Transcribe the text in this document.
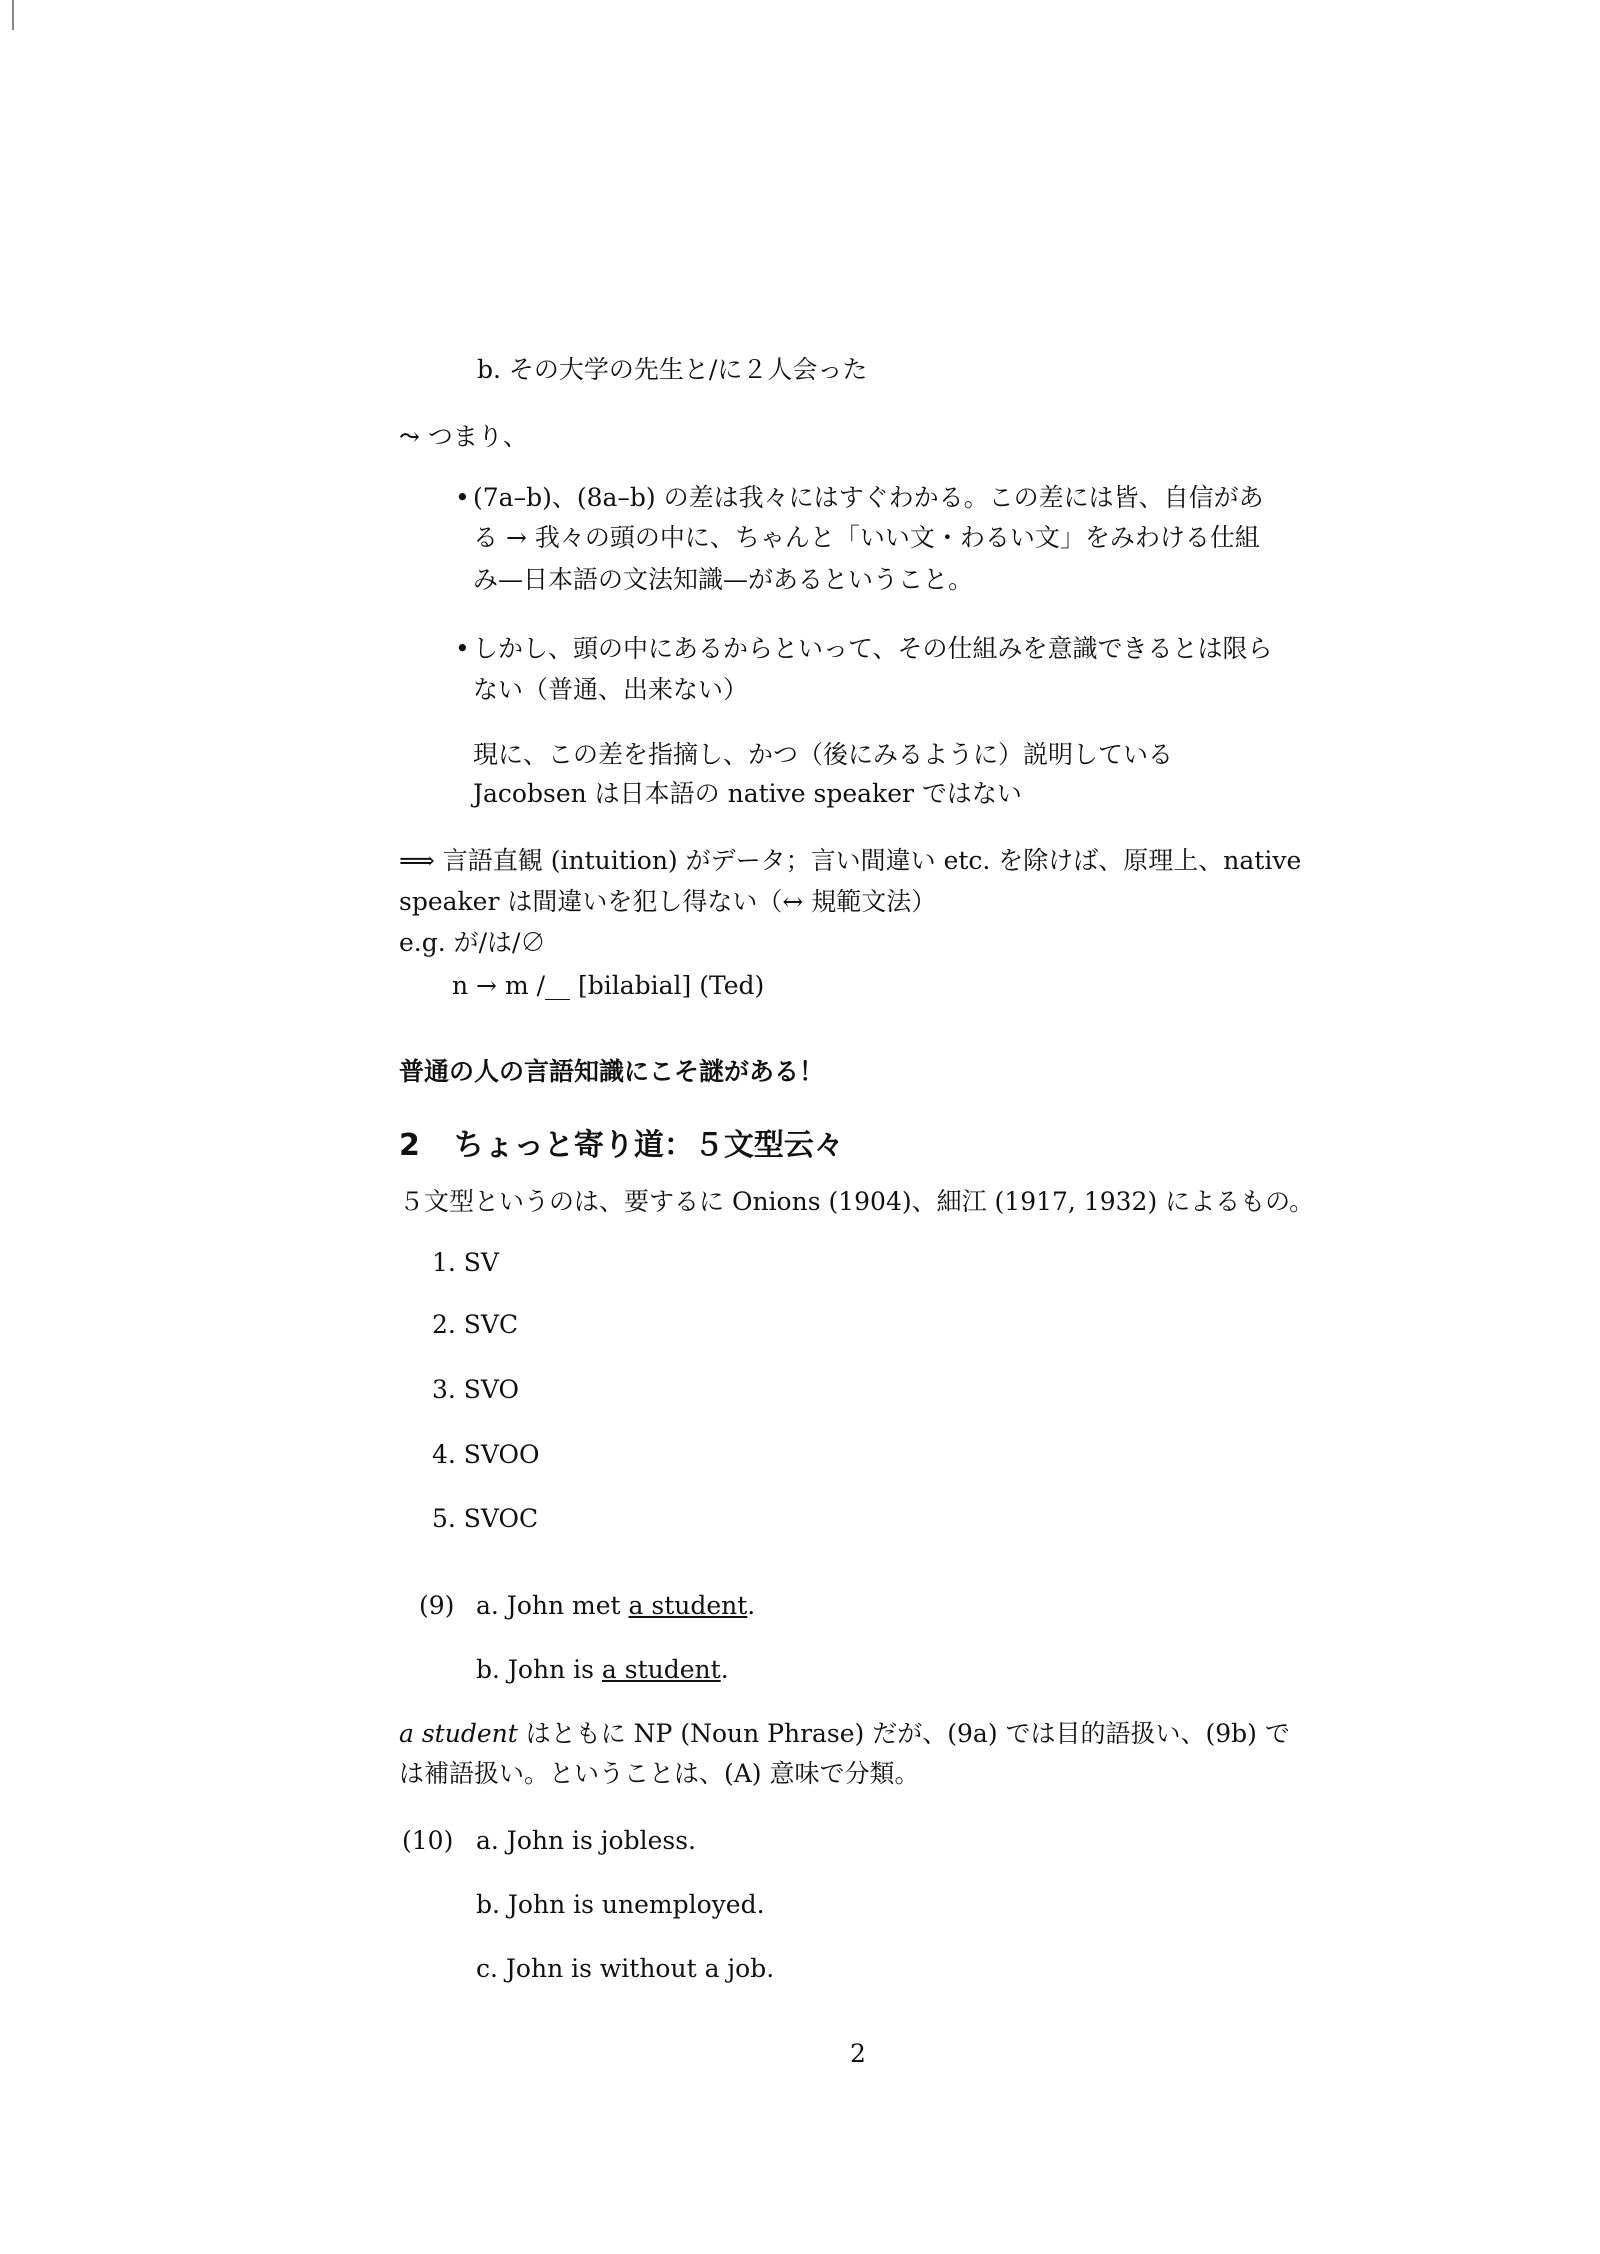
b. その大学の先生と/に２人会った
⤳ つまり、
• (7a–b)、(8a–b) の差は我々にはすぐわかる。この差には皆、自信があ
る → 我々の頭の中に、ちゃんと「いい文・わるい文」をみわける仕組
み—日本語の文法知識—があるということ。
• しかし、頭の中にあるからといって、その仕組みを意識できるとは限ら
ない（普通、出来ない）
現に、この差を指摘し、かつ（後にみるように）説明している
Jacobsen は日本語の native speaker ではない
⟹ 言語直観 (intuition) がデータ；言い間違い etc. を除けば、原理上、native
speaker は間違いを犯し得ない（↔ 規範文法）
e.g. が/は/∅
n → m /__ [bilabial] (Ted)
普通の人の言語知識にこそ謎がある！
2 ちょっと寄り道：５文型云々
５文型というのは、要するに Onions (1904)、細江 (1917, 1932) によるもの。
1. SV
2. SVC
3. SVO
4. SVOO
5. SVOC
(9) a. John met a student.
b. John is a student.
a student はともに NP (Noun Phrase) だが、(9a) では目的語扱い、(9b) で
は補語扱い。ということは、(A) 意味で分類。
(10) a. John is jobless.
b. John is unemployed.
c. John is without a job.
2
